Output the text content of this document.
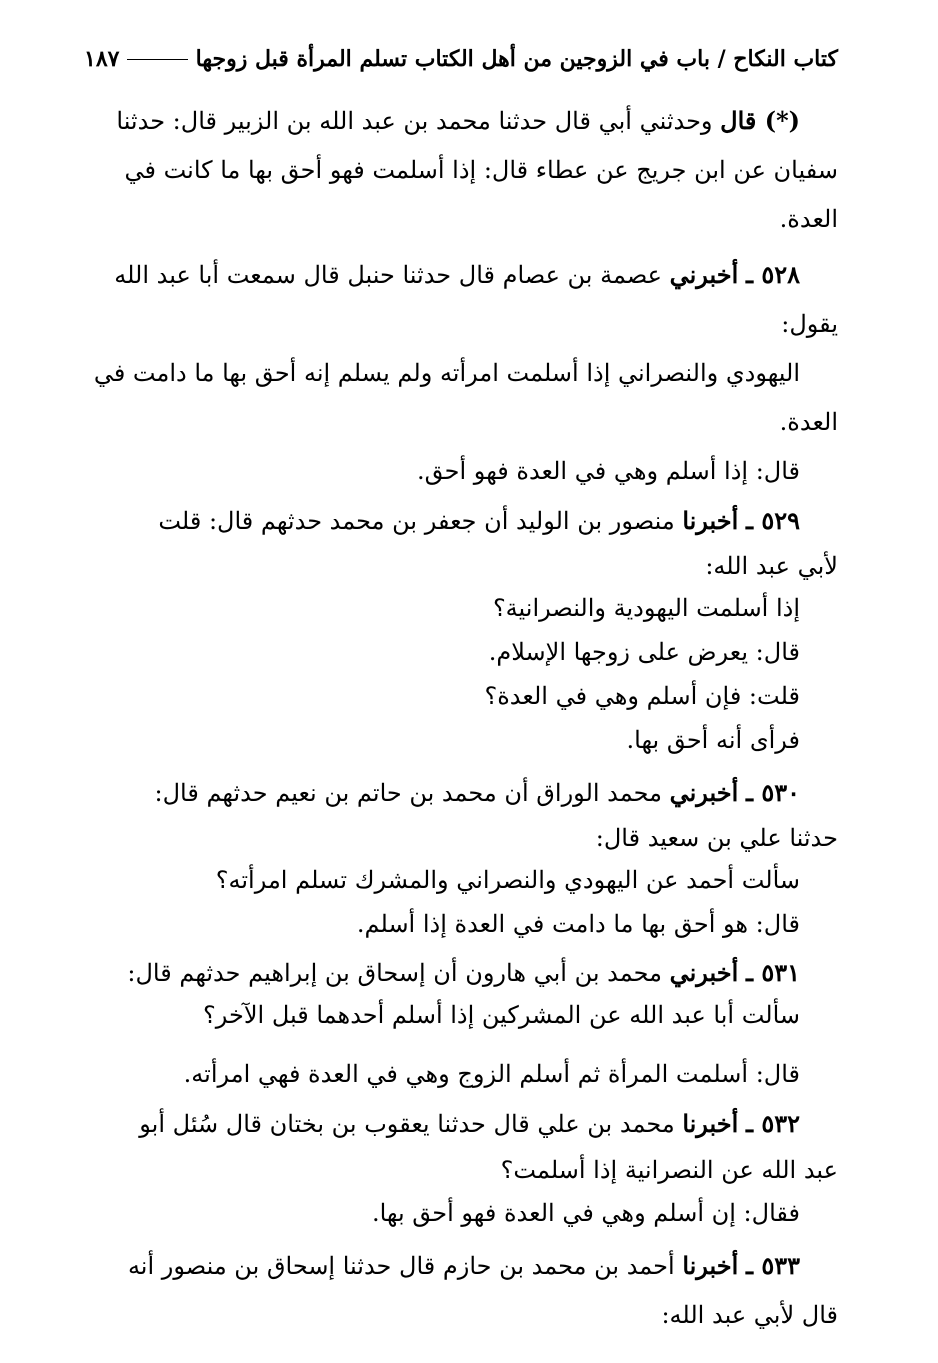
كتاب النكاح / باب في الزوجين من أهل الكتاب تسلم المرأة قبل زوجها
١٨٧
(*) قال وحدثني أبي قال حدثنا محمد بن عبد الله بن الزبير قال: حدثنا
سفيان عن ابن جريج عن عطاء قال: إذا أسلمت فهو أحق بها ما كانت في
العدة.
٥٢٨ ـ أخبرني عصمة بن عصام قال حدثنا حنبل قال سمعت أبا عبد الله
يقول:
اليهودي والنصراني إذا أسلمت امرأته ولم يسلم إنه أحق بها ما دامت في
العدة.
قال: إذا أسلم وهي في العدة فهو أحق.
٥٢٩ ـ أخبرنا منصور بن الوليد أن جعفر بن محمد حدثهم قال: قلت
لأبي عبد الله:
إذا أسلمت اليهودية والنصرانية؟
قال: يعرض على زوجها الإسلام.
قلت: فإن أسلم وهي في العدة؟
فرأى أنه أحق بها.
٥٣٠ ـ أخبرني محمد الوراق أن محمد بن حاتم بن نعيم حدثهم قال:
حدثنا علي بن سعيد قال:
سألت أحمد عن اليهودي والنصراني والمشرك تسلم امرأته؟
قال: هو أحق بها ما دامت في العدة إذا أسلم.
٥٣١ ـ أخبرني محمد بن أبي هارون أن إسحاق بن إبراهيم حدثهم قال:
سألت أبا عبد الله عن المشركين إذا أسلم أحدهما قبل الآخر؟
قال: أسلمت المرأة ثم أسلم الزوج وهي في العدة فهي امرأته.
٥٣٢ ـ أخبرنا محمد بن علي قال حدثنا يعقوب بن بختان قال سُئل أبو
عبد الله عن النصرانية إذا أسلمت؟
فقال: إن أسلم وهي في العدة فهو أحق بها.
٥٣٣ ـ أخبرنا أحمد بن محمد بن حازم قال حدثنا إسحاق بن منصور أنه
قال لأبي عبد الله:
